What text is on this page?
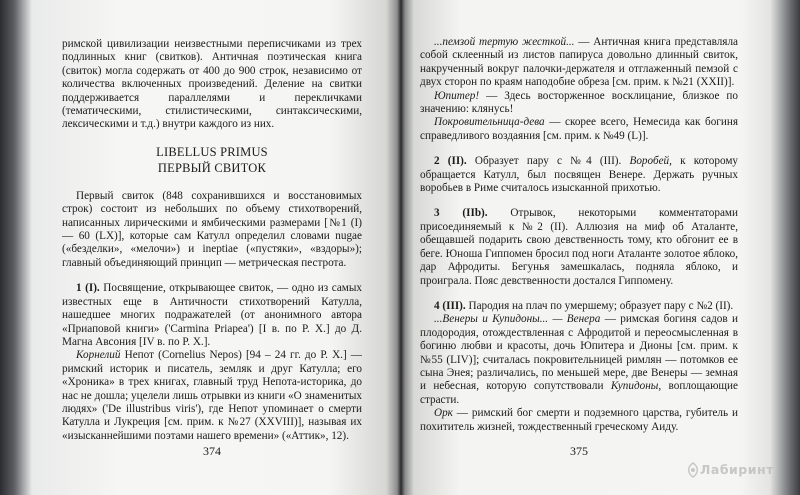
римской цивилизации неизвестными переписчиками из трех подлинных книг (свитков). Античная поэтическая книга (свиток) могла содержать от 400 до 900 строк, независимо от количества включенных произведений. Деление на свитки поддерживается параллелями и перекличками (тематическими, стилистическими, синтаксическими, лексическими и т.д.) внутри каждого из них.

LIBELLUS PRIMUS
ПЕРВЫЙ СВИТОК

Первый свиток (848 сохранившихся и восстановимых строк) состоит из небольших по объему стихотворений, написанных лирическими и ямбическими размерами [№1 (I) — 60 (LX)], которые сам Катулл определил словами nugae («безделки», «мелочи») и ineptiae («пустяки», «вздоры»); главный объединяющий принцип — метрическая пестрота.

1 (I). Посвящение, открывающее свиток, — одно из самых известных еще в Античности стихотворений Катулла, нашедшее многих подражателей (от анонимного автора «Приаповой книги» ('Carmina Priapea') [I в. по Р. Х.] до Д. Магна Авсония [IV в. по Р. Х.].

Корнелий Непот (Cornelius Nepos) [94 – 24 гг. до Р. Х.] — римский историк и писатель, земляк и друг Катулла; его «Хроника» в трех книгах, главный труд Непота-историка, до нас не дошла; уцелели лишь отрывки из книги «О знаменитых людях» ('De illustribus viris'), где Непот упоминает о смерти Катулла и Лукреция [см. прим. к №27 (XXVIII)], называя их «изысканнейшими поэтами нашего времени» («Аттик», 12).

374

...пемзой тертую жесткой... — Античная книга представляла собой склеенный из листов папируса довольно длинный свиток, накрученный вокруг палочки-держателя и отглаженный пемзой с двух сторон по краям наподобие обреза [см. прим. к №21 (XXII)].

Юпитер! — Здесь восторженное восклицание, близкое по значению: клянусь!

Покровительница-дева — скорее всего, Немесида как богиня справедливого воздаяния [см. прим. к №49 (L)].

2 (II). Образует пару с №4 (III). Воробей, к которому обращается Катулл, был посвящен Венере. Держать ручных воробьев в Риме считалось изысканной прихотью.

3 (IIb). Отрывок, некоторыми комментаторами присоединяемый к №2 (II). Аллюзия на миф об Аталанте, обещавшей подарить свою девственность тому, кто обгонит ее в беге. Юноша Гиппомен бросил под ноги Аталанте золотое яблоко, дар Афродиты. Бегунья замешкалась, подняла яблоко, и проиграла. Пояс девственности достался Гиппомену.

4 (III). Пародия на плач по умершему; образует пару с №2 (II).

...Венеры и Купидоны... — Венера — римская богиня садов и плодородия, отождествленная с Афродитой и переосмысленная в богиню любви и красоты, дочь Юпитера и Дионы [см. прим. к №55 (LIV)]; считалась покровительницей римлян — потомков ее сына Энея; различались, по меньшей мере, две Венеры — земная и небесная, которую сопутствовали Купидоны, воплощающие страсти.

Орк — римский бог смерти и подземного царства, губитель и похититель жизней, тождественный греческому Аиду.

375
Лабиринт
